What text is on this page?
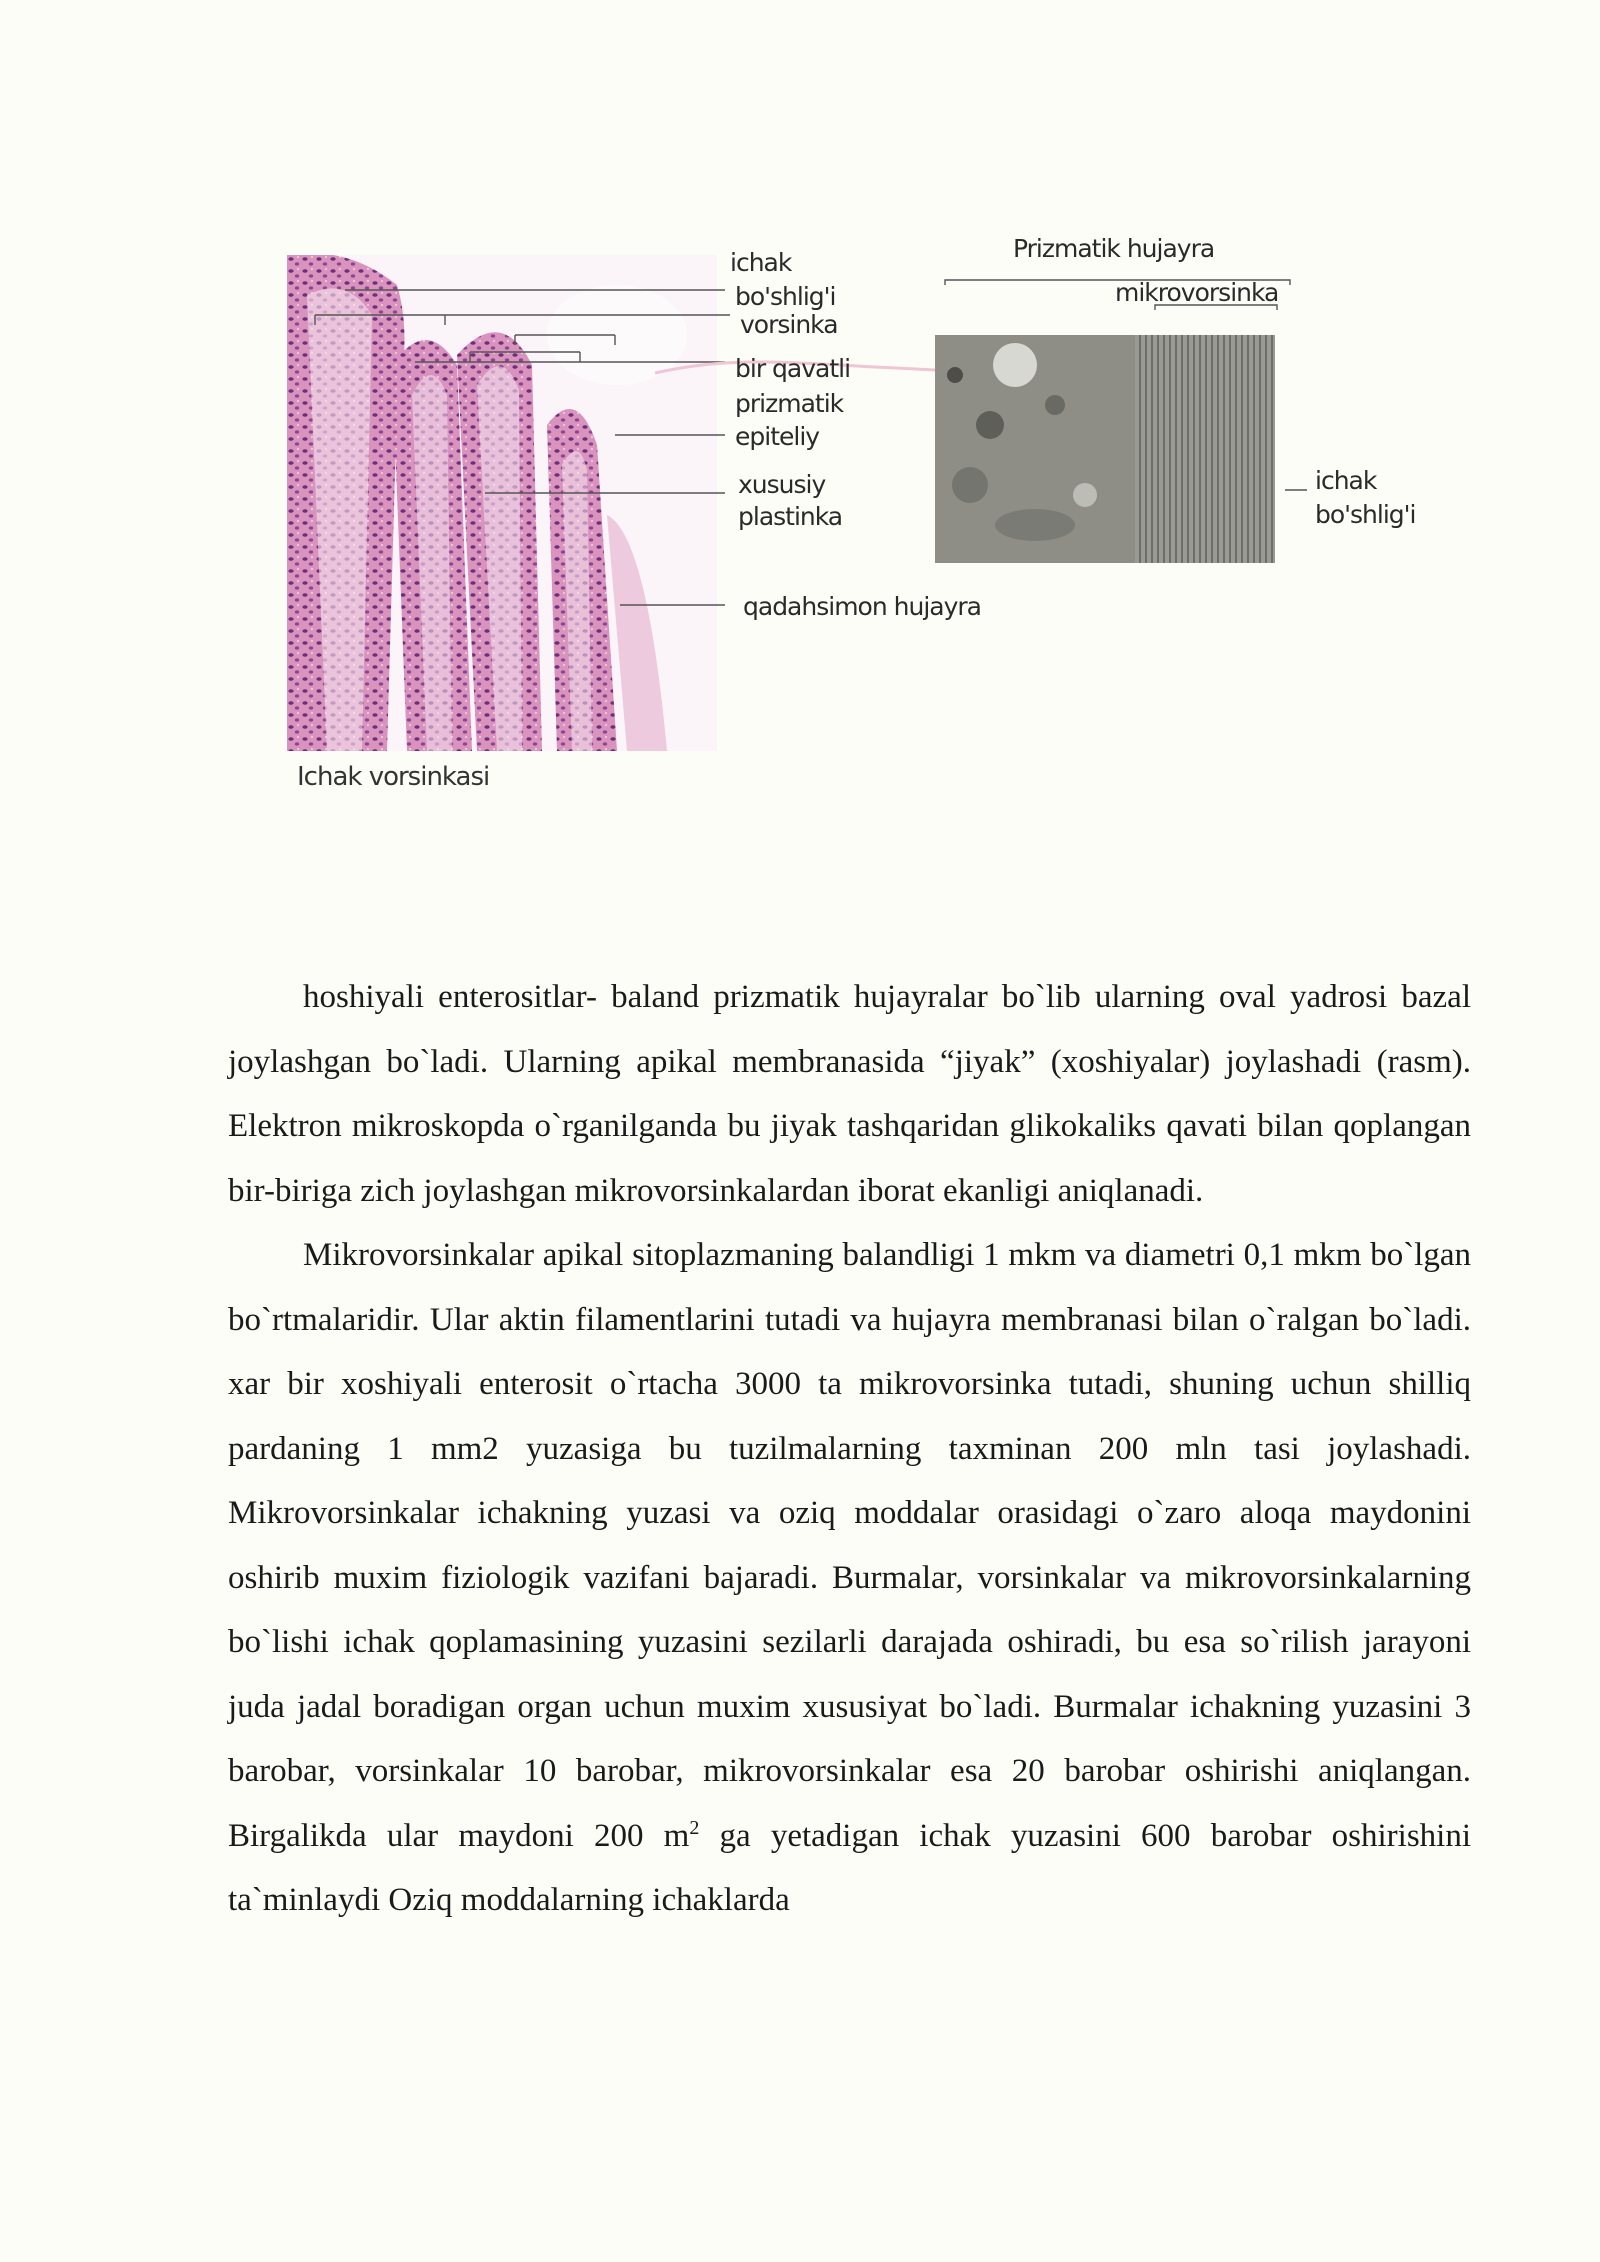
ichak
bo'shlig'i
vorsinka
bir qavatli
prizmatik
epiteliy
xususiy
plastinka
qadahsimon hujayra
Prizmatik hujayra
mikrovorsinka
ichak
bo'shlig'i
Ichak vorsinkasi

hoshiyali enterositlar- baland prizmatik hujayralar bo`lib ularning oval yadrosi bazal joylashgan bo`ladi. Ularning apikal membranasida “jiyak” (xoshiyalar) joylashadi (rasm). Elektron mikroskopda o`rganilganda bu jiyak tashqaridan glikokaliks qavati bilan qoplangan bir-biriga zich joylashgan mikrovorsinkalardan iborat ekanligi aniqlanadi.

Mikrovorsinkalar apikal sitoplazmaning balandligi 1 mkm va diametri 0,1 mkm bo`lgan bo`rtmalaridir. Ular aktin filamentlarini tutadi va hujayra membranasi bilan o`ralgan bo`ladi. xar bir xoshiyali enterosit o`rtacha 3000 ta mikrovorsinka tutadi, shuning uchun shilliq pardaning 1 mm2 yuzasiga bu tuzilmalarning taxminan 200 mln tasi joylashadi. Mikrovorsinkalar ichakning yuzasi va oziq moddalar orasidagi o`zaro aloqa maydonini oshirib muxim fiziologik vazifani bajaradi. Burmalar, vorsinkalar va mikrovorsinkalarning bo`lishi ichak qoplamasining yuzasini sezilarli darajada oshiradi, bu esa so`rilish jarayoni juda jadal boradigan organ uchun muxim xususiyat bo`ladi. Burmalar ichakning yuzasini 3 barobar, vorsinkalar 10 barobar, mikrovorsinkalar esa 20 barobar oshirishi aniqlangan. Birgalikda ular maydoni 200 $m^2$ ga yetadigan ichak yuzasini 600 barobar oshirishini ta`minlaydi Oziq moddalarning ichaklarda
